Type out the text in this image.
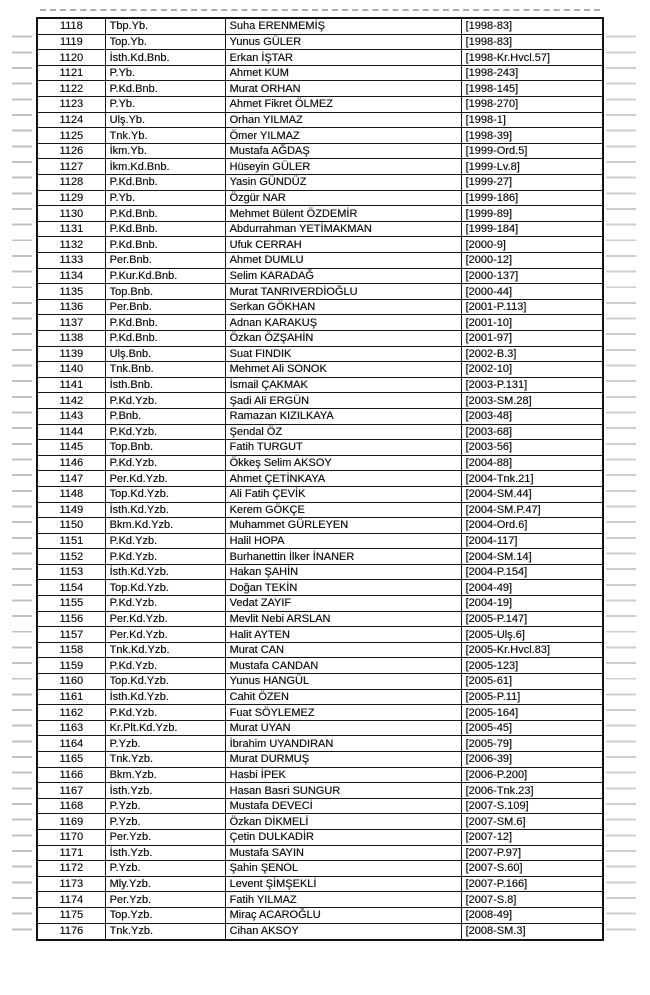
1118	Tbp.Yb.	Suha ERENMEMİŞ	[1998-83]
1119	Top.Yb.	Yunus GÜLER	[1998-83]
1120	İsth.Kd.Bnb.	Erkan İŞTAR	[1998-Kr.Hvcl.57]
1121	P.Yb.	Ahmet KUM	[1998-243]
1122	P.Kd.Bnb.	Murat ORHAN	[1998-145]
1123	P.Yb.	Ahmet Fikret ÖLMEZ	[1998-270]
1124	Ulş.Yb.	Orhan YILMAZ	[1998-1]
1125	Tnk.Yb.	Ömer YILMAZ	[1998-39]
1126	İkm.Yb.	Mustafa AĞDAŞ	[1999-Ord.5]
1127	İkm.Kd.Bnb.	Hüseyin GÜLER	[1999-Lv.8]
1128	P.Kd.Bnb.	Yasin GÜNDÜZ	[1999-27]
1129	P.Yb.	Özgür NAR	[1999-186]
1130	P.Kd.Bnb.	Mehmet Bülent ÖZDEMİR	[1999-89]
1131	P.Kd.Bnb.	Abdurrahman YETİMAKMAN	[1999-184]
1132	P.Kd.Bnb.	Ufuk CERRAH	[2000-9]
1133	Per.Bnb.	Ahmet DUMLU	[2000-12]
1134	P.Kur.Kd.Bnb.	Selim KARADAĞ	[2000-137]
1135	Top.Bnb.	Murat TANRIVERDİOĞLU	[2000-44]
1136	Per.Bnb.	Serkan GÖKHAN	[2001-P.113]
1137	P.Kd.Bnb.	Adnan KARAKUŞ	[2001-10]
1138	P.Kd.Bnb.	Özkan ÖZŞAHİN	[2001-97]
1139	Ulş.Bnb.	Suat FINDIK	[2002-B.3]
1140	Tnk.Bnb.	Mehmet Ali SONOK	[2002-10]
1141	İsth.Bnb.	İsmail ÇAKMAK	[2003-P.131]
1142	P.Kd.Yzb.	Şadi Ali ERGÜN	[2003-SM.28]
1143	P.Bnb.	Ramazan KIZILKAYA	[2003-48]
1144	P.Kd.Yzb.	Şendal ÖZ	[2003-68]
1145	Top.Bnb.	Fatih TURGUT	[2003-56]
1146	P.Kd.Yzb.	Ökkeş Selim AKSOY	[2004-88]
1147	Per.Kd.Yzb.	Ahmet ÇETİNKAYA	[2004-Tnk.21]
1148	Top.Kd.Yzb.	Ali Fatih ÇEVİK	[2004-SM.44]
1149	İsth.Kd.Yzb.	Kerem GÖKÇE	[2004-SM.P.47]
1150	Bkm.Kd.Yzb.	Muhammet GÜRLEYEN	[2004-Ord.6]
1151	P.Kd.Yzb.	Halil HOPA	[2004-117]
1152	P.Kd.Yzb.	Burhanettin İlker İNANER	[2004-SM.14]
1153	İsth.Kd.Yzb.	Hakan ŞAHİN	[2004-P.154]
1154	Top.Kd.Yzb.	Doğan TEKİN	[2004-49]
1155	P.Kd.Yzb.	Vedat ZAYIF	[2004-19]
1156	Per.Kd.Yzb.	Mevlit Nebi ARSLAN	[2005-P.147]
1157	Per.Kd.Yzb.	Halit AYTEN	[2005-Ulş.6]
1158	Tnk.Kd.Yzb.	Murat CAN	[2005-Kr.Hvcl.83]
1159	P.Kd.Yzb.	Mustafa CANDAN	[2005-123]
1160	Top.Kd.Yzb.	Yunus HANGÜL	[2005-61]
1161	İsth.Kd.Yzb.	Cahit ÖZEN	[2005-P.11]
1162	P.Kd.Yzb.	Fuat SÖYLEMEZ	[2005-164]
1163	Kr.Plt.Kd.Yzb.	Murat UYAN	[2005-45]
1164	P.Yzb.	İbrahim UYANDIRAN	[2005-79]
1165	Tnk.Yzb.	Murat DURMUŞ	[2006-39]
1166	Bkm.Yzb.	Hasbi İPEK	[2006-P.200]
1167	İsth.Yzb.	Hasan Basri SUNGUR	[2006-Tnk.23]
1168	P.Yzb.	Mustafa DEVECİ	[2007-S.109]
1169	P.Yzb.	Özkan DİKMELİ	[2007-SM.6]
1170	Per.Yzb.	Çetin DULKADİR	[2007-12]
1171	İsth.Yzb.	Mustafa SAYIN	[2007-P.97]
1172	P.Yzb.	Şahin ŞENOL	[2007-S.60]
1173	Mly.Yzb.	Levent ŞİMŞEKLİ	[2007-P.166]
1174	Per.Yzb.	Fatih YILMAZ	[2007-S.8]
1175	Top.Yzb.	Miraç ACAROĞLU	[2008-49]
1176	Tnk.Yzb.	Cihan AKSOY	[2008-SM.3]
